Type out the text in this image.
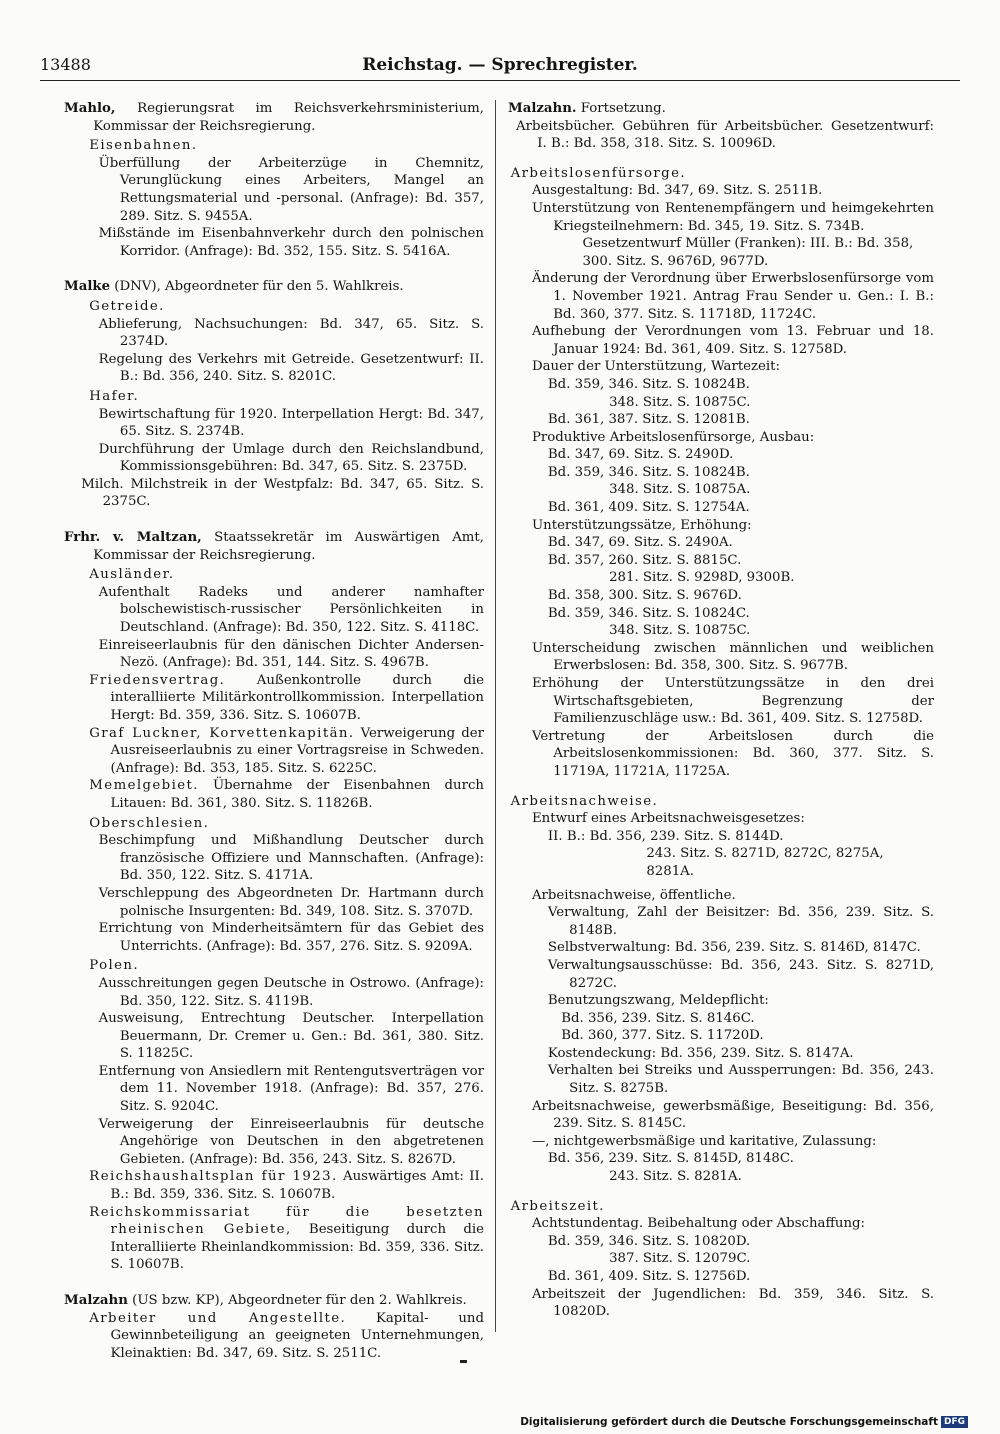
13488	Reichstag. — Sprechregister.
Mahlo, Regierungsrat im Reichsverkehrsministerium, Kommissar der Reichsregierung.
Eisenbahnen.
Überfüllung der Arbeiterzüge in Chemnitz, Verunglückung eines Arbeiters, Mangel an Rettungsmaterial und -personal. (Anfrage): Bd. 357, 289. Sitz. S. 9455A.
Mißstände im Eisenbahnverkehr durch den polnischen Korridor. (Anfrage): Bd. 352, 155. Sitz. S. 5416A.
Malke (DNV), Abgeordneter für den 5. Wahlkreis.
Getreide.
Ablieferung, Nachsuchungen: Bd. 347, 65. Sitz. S. 2374D.
Regelung des Verkehrs mit Getreide. Gesetzentwurf: II. B.: Bd. 356, 240. Sitz. S. 8201C.
Hafer.
Bewirtschaftung für 1920. Interpellation Hergt: Bd. 347, 65. Sitz. S. 2374B.
Durchführung der Umlage durch den Reichslandbund, Kommissionsgebühren: Bd. 347, 65. Sitz. S. 2375D.
Milch. Milchstreik in der Westpfalz: Bd. 347, 65. Sitz. S. 2375C.
Frhr. v. Maltzan, Staatssekretär im Auswärtigen Amt, Kommissar der Reichsregierung.
Ausländer.
Aufenthalt Radeks und anderer namhafter bolschewistisch-russischer Persönlichkeiten in Deutschland. (Anfrage): Bd. 350, 122. Sitz. S. 4118C.
Einreiseerlaubnis für den dänischen Dichter Andersen-Nezö. (Anfrage): Bd. 351, 144. Sitz. S. 4967B.
Friedensvertrag. Außenkontrolle durch die interalliierte Militärkontrollkommission. Interpellation Hergt: Bd. 359, 336. Sitz. S. 10607B.
Graf Luckner, Korvettenkapitän. Verweigerung der Ausreiseerlaubnis zu einer Vortragsreise in Schweden. (Anfrage): Bd. 353, 185. Sitz. S. 6225C.
Memelgebiet. Übernahme der Eisenbahnen durch Litauen: Bd. 361, 380. Sitz. S. 11826B.
Oberschlesien.
Beschimpfung und Mißhandlung Deutscher durch französische Offiziere und Mannschaften. (Anfrage): Bd. 350, 122. Sitz. S. 4171A.
Verschleppung des Abgeordneten Dr. Hartmann durch polnische Insurgenten: Bd. 349, 108. Sitz. S. 3707D.
Errichtung von Minderheitsämtern für das Gebiet des Unterrichts. (Anfrage): Bd. 357, 276. Sitz. S. 9209A.
Polen.
Ausschreitungen gegen Deutsche in Ostrowo. (Anfrage): Bd. 350, 122. Sitz. S. 4119B.
Ausweisung, Entrechtung Deutscher. Interpellation Beuermann, Dr. Cremer u. Gen.: Bd. 361, 380. Sitz. S. 11825C.
Entfernung von Ansiedlern mit Rentengutsverträgen vor dem 11. November 1918. (Anfrage): Bd. 357, 276. Sitz. S. 9204C.
Verweigerung der Einreiseerlaubnis für deutsche Angehörige von Deutschen in den abgetretenen Gebieten. (Anfrage): Bd. 356, 243. Sitz. S. 8267D.
Reichshaushaltsplan für 1923. Auswärtiges Amt: II. B.: Bd. 359, 336. Sitz. S. 10607B.
Reichskommissariat für die besetzten rheinischen Gebiete, Beseitigung durch die Interalliierte Rheinlandkommission: Bd. 359, 336. Sitz. S. 10607B.
Malzahn (US bzw. KP), Abgeordneter für den 2. Wahlkreis.
Arbeiter und Angestellte. Kapital- und Gewinnbeteiligung an geeigneten Unternehmungen, Kleinaktien: Bd. 347, 69. Sitz. S. 2511C.
Malzahn. Fortsetzung.
Arbeitsbücher. Gebühren für Arbeitsbücher. Gesetzentwurf: I. B.: Bd. 358, 318. Sitz. S. 10096D.
Arbeitslosenfürsorge.
Ausgestaltung: Bd. 347, 69. Sitz. S. 2511B.
Unterstützung von Rentenempfängern und heimgekehrten Kriegsteilnehmern: Bd. 345, 19. Sitz. S. 734B.
Gesetzentwurf Müller (Franken): III. B.: Bd. 358, 300. Sitz. S. 9676D, 9677D.
Änderung der Verordnung über Erwerbslosenfürsorge vom 1. November 1921. Antrag Frau Sender u. Gen.: I. B.: Bd. 360, 377. Sitz. S. 11718D, 11724C.
Aufhebung der Verordnungen vom 13. Februar und 18. Januar 1924: Bd. 361, 409. Sitz. S. 12758D.
Dauer der Unterstützung, Wartezeit:
Bd. 359, 346. Sitz. S. 10824B.
348. Sitz. S. 10875C.
Bd. 361, 387. Sitz. S. 12081B.
Produktive Arbeitslosenfürsorge, Ausbau:
Bd. 347, 69. Sitz. S. 2490D.
Bd. 359, 346. Sitz. S. 10824B.
348. Sitz. S. 10875A.
Bd. 361, 409. Sitz. S. 12754A.
Unterstützungssätze, Erhöhung:
Bd. 347, 69. Sitz. S. 2490A.
Bd. 357, 260. Sitz. S. 8815C.
281. Sitz. S. 9298D, 9300B.
Bd. 358, 300. Sitz. S. 9676D.
Bd. 359, 346. Sitz. S. 10824C.
348. Sitz. S. 10875C.
Unterscheidung zwischen männlichen und weiblichen Erwerbslosen: Bd. 358, 300. Sitz. S. 9677B.
Erhöhung der Unterstützungssätze in den drei Wirtschaftsgebieten, Begrenzung der Familienzuschläge usw.: Bd. 361, 409. Sitz. S. 12758D.
Vertretung der Arbeitslosen durch die Arbeitslosenkommissionen: Bd. 360, 377. Sitz. S. 11719A, 11721A, 11725A.
Arbeitsnachweise.
Entwurf eines Arbeitsnachweisgesetzes:
II. B.: Bd. 356, 239. Sitz. S. 8144D.
243. Sitz. S. 8271D, 8272C, 8275A, 8281A.
Arbeitsnachweise, öffentliche.
Verwaltung, Zahl der Beisitzer: Bd. 356, 239. Sitz. S. 8148B.
Selbstverwaltung: Bd. 356, 239. Sitz. S. 8146D, 8147C.
Verwaltungsausschüsse: Bd. 356, 243. Sitz. S. 8271D, 8272C.
Benutzungszwang, Meldepflicht:
Bd. 356, 239. Sitz. S. 8146C.
Bd. 360, 377. Sitz. S. 11720D.
Kostendeckung: Bd. 356, 239. Sitz. S. 8147A.
Verhalten bei Streiks und Aussperrungen: Bd. 356, 243. Sitz. S. 8275B.
Arbeitsnachweise, gewerbsmäßige, Beseitigung: Bd. 356, 239. Sitz. S. 8145C.
—, nichtgewerbsmäßige und karitative, Zulassung:
Bd. 356, 239. Sitz. S. 8145D, 8148C.
243. Sitz. S. 8281A.
Arbeitszeit.
Achtstundentag. Beibehaltung oder Abschaffung:
Bd. 359, 346. Sitz. S. 10820D.
387. Sitz. S. 12079C.
Bd. 361, 409. Sitz. S. 12756D.
Arbeitszeit der Jugendlichen: Bd. 359, 346. Sitz. S. 10820D.
Digitalisierung gefördert durch die Deutsche Forschungsgemeinschaft DFG
